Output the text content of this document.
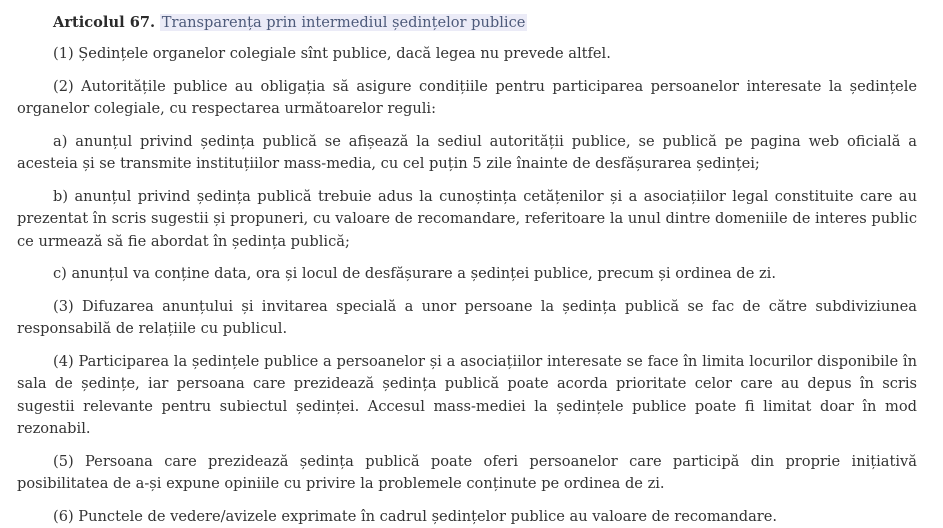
Articolul 67. Transparența prin intermediul ședințelor publice

(1) Ședințele organelor colegiale sînt publice, dacă legea nu prevede altfel.

(2) Autoritățile publice au obligația să asigure condițiile pentru participarea persoanelor interesate la ședințele organelor colegiale, cu respectarea următoarelor reguli:

a) anunțul privind ședința publică se afișează la sediul autorității publice, se publică pe pagina web oficială a acesteia și se transmite instituțiilor mass-media, cu cel puțin 5 zile înainte de desfășurarea ședinței;

b) anunțul privind ședința publică trebuie adus la cunoștința cetățenilor și a asociațiilor legal constituite care au prezentat în scris sugestii și propuneri, cu valoare de recomandare, referitoare la unul dintre domeniile de interes public ce urmează să fie abordat în ședința publică;

c) anunțul va conține data, ora și locul de desfășurare a ședinței publice, precum și ordinea de zi.

(3) Difuzarea anunțului și invitarea specială a unor persoane la ședința publică se fac de către subdiviziunea responsabilă de relațiile cu publicul.

(4) Participarea la ședințele publice a persoanelor și a asociațiilor interesate se face în limita locurilor disponibile în sala de ședințe, iar persoana care prezidează ședința publică poate acorda prioritate celor care au depus în scris sugestii relevante pentru subiectul ședinței. Accesul mass-mediei la ședințele publice poate fi limitat doar în mod rezonabil.

(5) Persoana care prezidează ședința publică poate oferi persoanelor care participă din proprie inițiativă posibilitatea de a-și expune opiniile cu privire la problemele conținute pe ordinea de zi.

(6) Punctele de vedere/avizele exprimate în cadrul ședințelor publice au valoare de recomandare.
